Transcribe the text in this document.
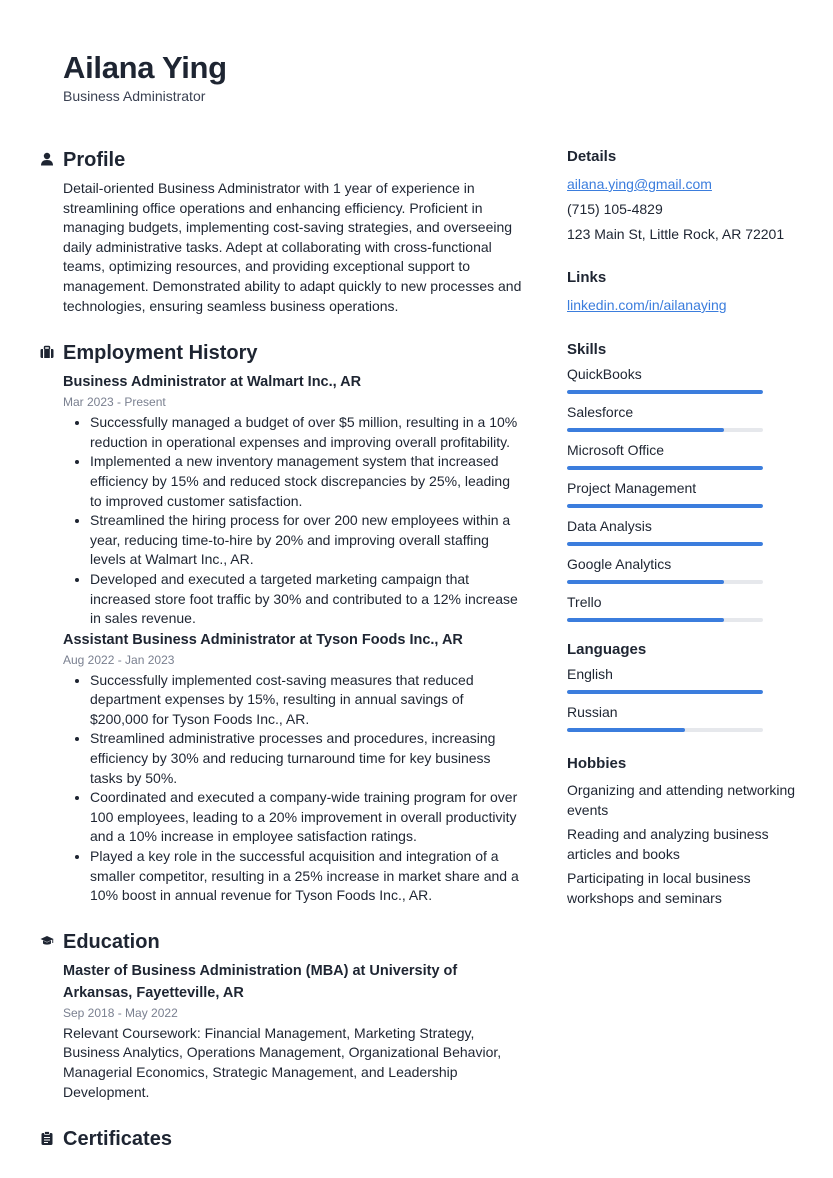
Ailana Ying
Business Administrator
Profile

Detail-oriented Business Administrator with 1 year of experience in streamlining office operations and enhancing efficiency. Proficient in managing budgets, implementing cost-saving strategies, and overseeing daily administrative tasks. Adept at collaborating with cross-functional teams, optimizing resources, and providing exceptional support to management. Demonstrated ability to adapt quickly to new processes and technologies, ensuring seamless business operations.

Employment History
Business Administrator at Walmart Inc., AR
Mar 2023 - Present
• Successfully managed a budget of over $5 million, resulting in a 10% reduction in operational expenses and improving overall profitability.
• Implemented a new inventory management system that increased efficiency by 15% and reduced stock discrepancies by 25%, leading to improved customer satisfaction.
• Streamlined the hiring process for over 200 new employees within a year, reducing time-to-hire by 20% and improving overall staffing levels at Walmart Inc., AR.
• Developed and executed a targeted marketing campaign that increased store foot traffic by 30% and contributed to a 12% increase in sales revenue.
Assistant Business Administrator at Tyson Foods Inc., AR
Aug 2022 - Jan 2023
• Successfully implemented cost-saving measures that reduced department expenses by 15%, resulting in annual savings of $200,000 for Tyson Foods Inc., AR.
• Streamlined administrative processes and procedures, increasing efficiency by 30% and reducing turnaround time for key business tasks by 50%.
• Coordinated and executed a company-wide training program for over 100 employees, leading to a 20% improvement in overall productivity and a 10% increase in employee satisfaction ratings.
• Played a key role in the successful acquisition and integration of a smaller competitor, resulting in a 25% increase in market share and a 10% boost in annual revenue for Tyson Foods Inc., AR.
Education
Master of Business Administration (MBA) at University of Arkansas, Fayetteville, AR
Sep 2018 - May 2022

Relevant Coursework: Financial Management, Marketing Strategy, Business Analytics, Operations Management, Organizational Behavior, Managerial Economics, Strategic Management, and Leadership Development.

Certificates
Details
ailana.ying@gmail.com
(715) 105-4829
123 Main St, Little Rock, AR 72201
Links
linkedin.com/in/ailanaying
Skills
QuickBooks
Salesforce
Microsoft Office
Project Management
Data Analysis
Google Analytics
Trello
Languages
English
Russian
Hobbies
Organizing and attending networking events
Reading and analyzing business articles and books
Participating in local business workshops and seminars
